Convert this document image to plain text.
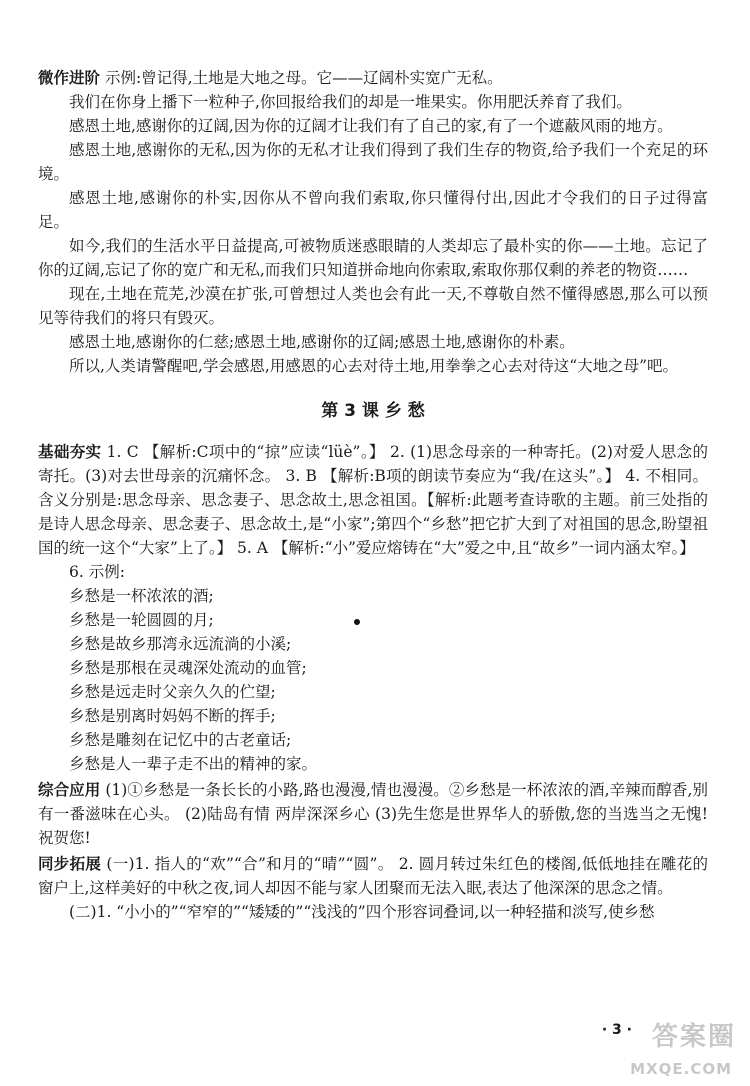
微作进阶 示例:曾记得,土地是大地之母。它——辽阔朴实宽广无私。

我们在你身上播下一粒种子,你回报给我们的却是一堆果实。你用肥沃养育了我们。

感恩土地,感谢你的辽阔,因为你的辽阔才让我们有了自己的家,有了一个遮蔽风雨的地方。

感恩土地,感谢你的无私,因为你的无私才让我们得到了我们生存的物资,给予我们一个充足的环境。

感恩土地,感谢你的朴实,因你从不曾向我们索取,你只懂得付出,因此才令我们的日子过得富足。

如今,我们的生活水平日益提高,可被物质迷惑眼睛的人类却忘了最朴实的你——土地。忘记了你的辽阔,忘记了你的宽广和无私,而我们只知道拼命地向你索取,索取你那仅剩的养老的物资……

现在,土地在荒芜,沙漠在扩张,可曾想过人类也会有此一天,不尊敬自然不懂得感恩,那么可以预见等待我们的将只有毁灭。

感恩土地,感谢你的仁慈;感恩土地,感谢你的辽阔;感恩土地,感谢你的朴素。

所以,人类请警醒吧,学会感恩,用感恩的心去对待土地,用拳拳之心去对待这“大地之母”吧。

第 3 课 乡 愁

基础夯实 1. C 【解析:C项中的“掠”应读“lüè”。】 2. (1)思念母亲的一种寄托。(2)对爱人思念的寄托。(3)对去世母亲的沉痛怀念。 3. B 【解析:B项的朗读节奏应为“我/在这头”。】 4. 不相同。含义分别是:思念母亲、思念妻子、思念故土,思念祖国。【解析:此题考查诗歌的主题。前三处指的是诗人思念母亲、思念妻子、思念故土,是“小家”;第四个“乡愁”把它扩大到了对祖国的思念,盼望祖国的统一这个“大家”上了。】 5. A 【解析:“小”爱应熔铸在“大”爱之中,且“故乡”一词内涵太窄。】

6. 示例:

乡愁是一杯浓浓的酒;

乡愁是一轮圆圆的月;

乡愁是故乡那湾永远流淌的小溪;

乡愁是那根在灵魂深处流动的血管;

乡愁是远走时父亲久久的伫望;

乡愁是别离时妈妈不断的挥手;

乡愁是雕刻在记忆中的古老童话;

乡愁是人一辈子走不出的精神的家。

综合应用 (1)①乡愁是一条长长的小路,路也漫漫,情也漫漫。②乡愁是一杯浓浓的酒,辛辣而醇香,别有一番滋味在心头。 (2)陆岛有情 两岸深深乡心 (3)先生您是世界华人的骄傲,您的当选当之无愧!祝贺您!

同步拓展 (一)1. 指人的“欢”“合”和月的“晴”“圆”。 2. 圆月转过朱红色的楼阁,低低地挂在雕花的窗户上,这样美好的中秋之夜,词人却因不能与家人团聚而无法入眠,表达了他深深的思念之情。

(二)1. “小小的”“窄窄的”“矮矮的”“浅浅的”四个形容词叠词,以一种轻描和淡写,使乡愁

· 3 · 答案圈
MXQE.COM
